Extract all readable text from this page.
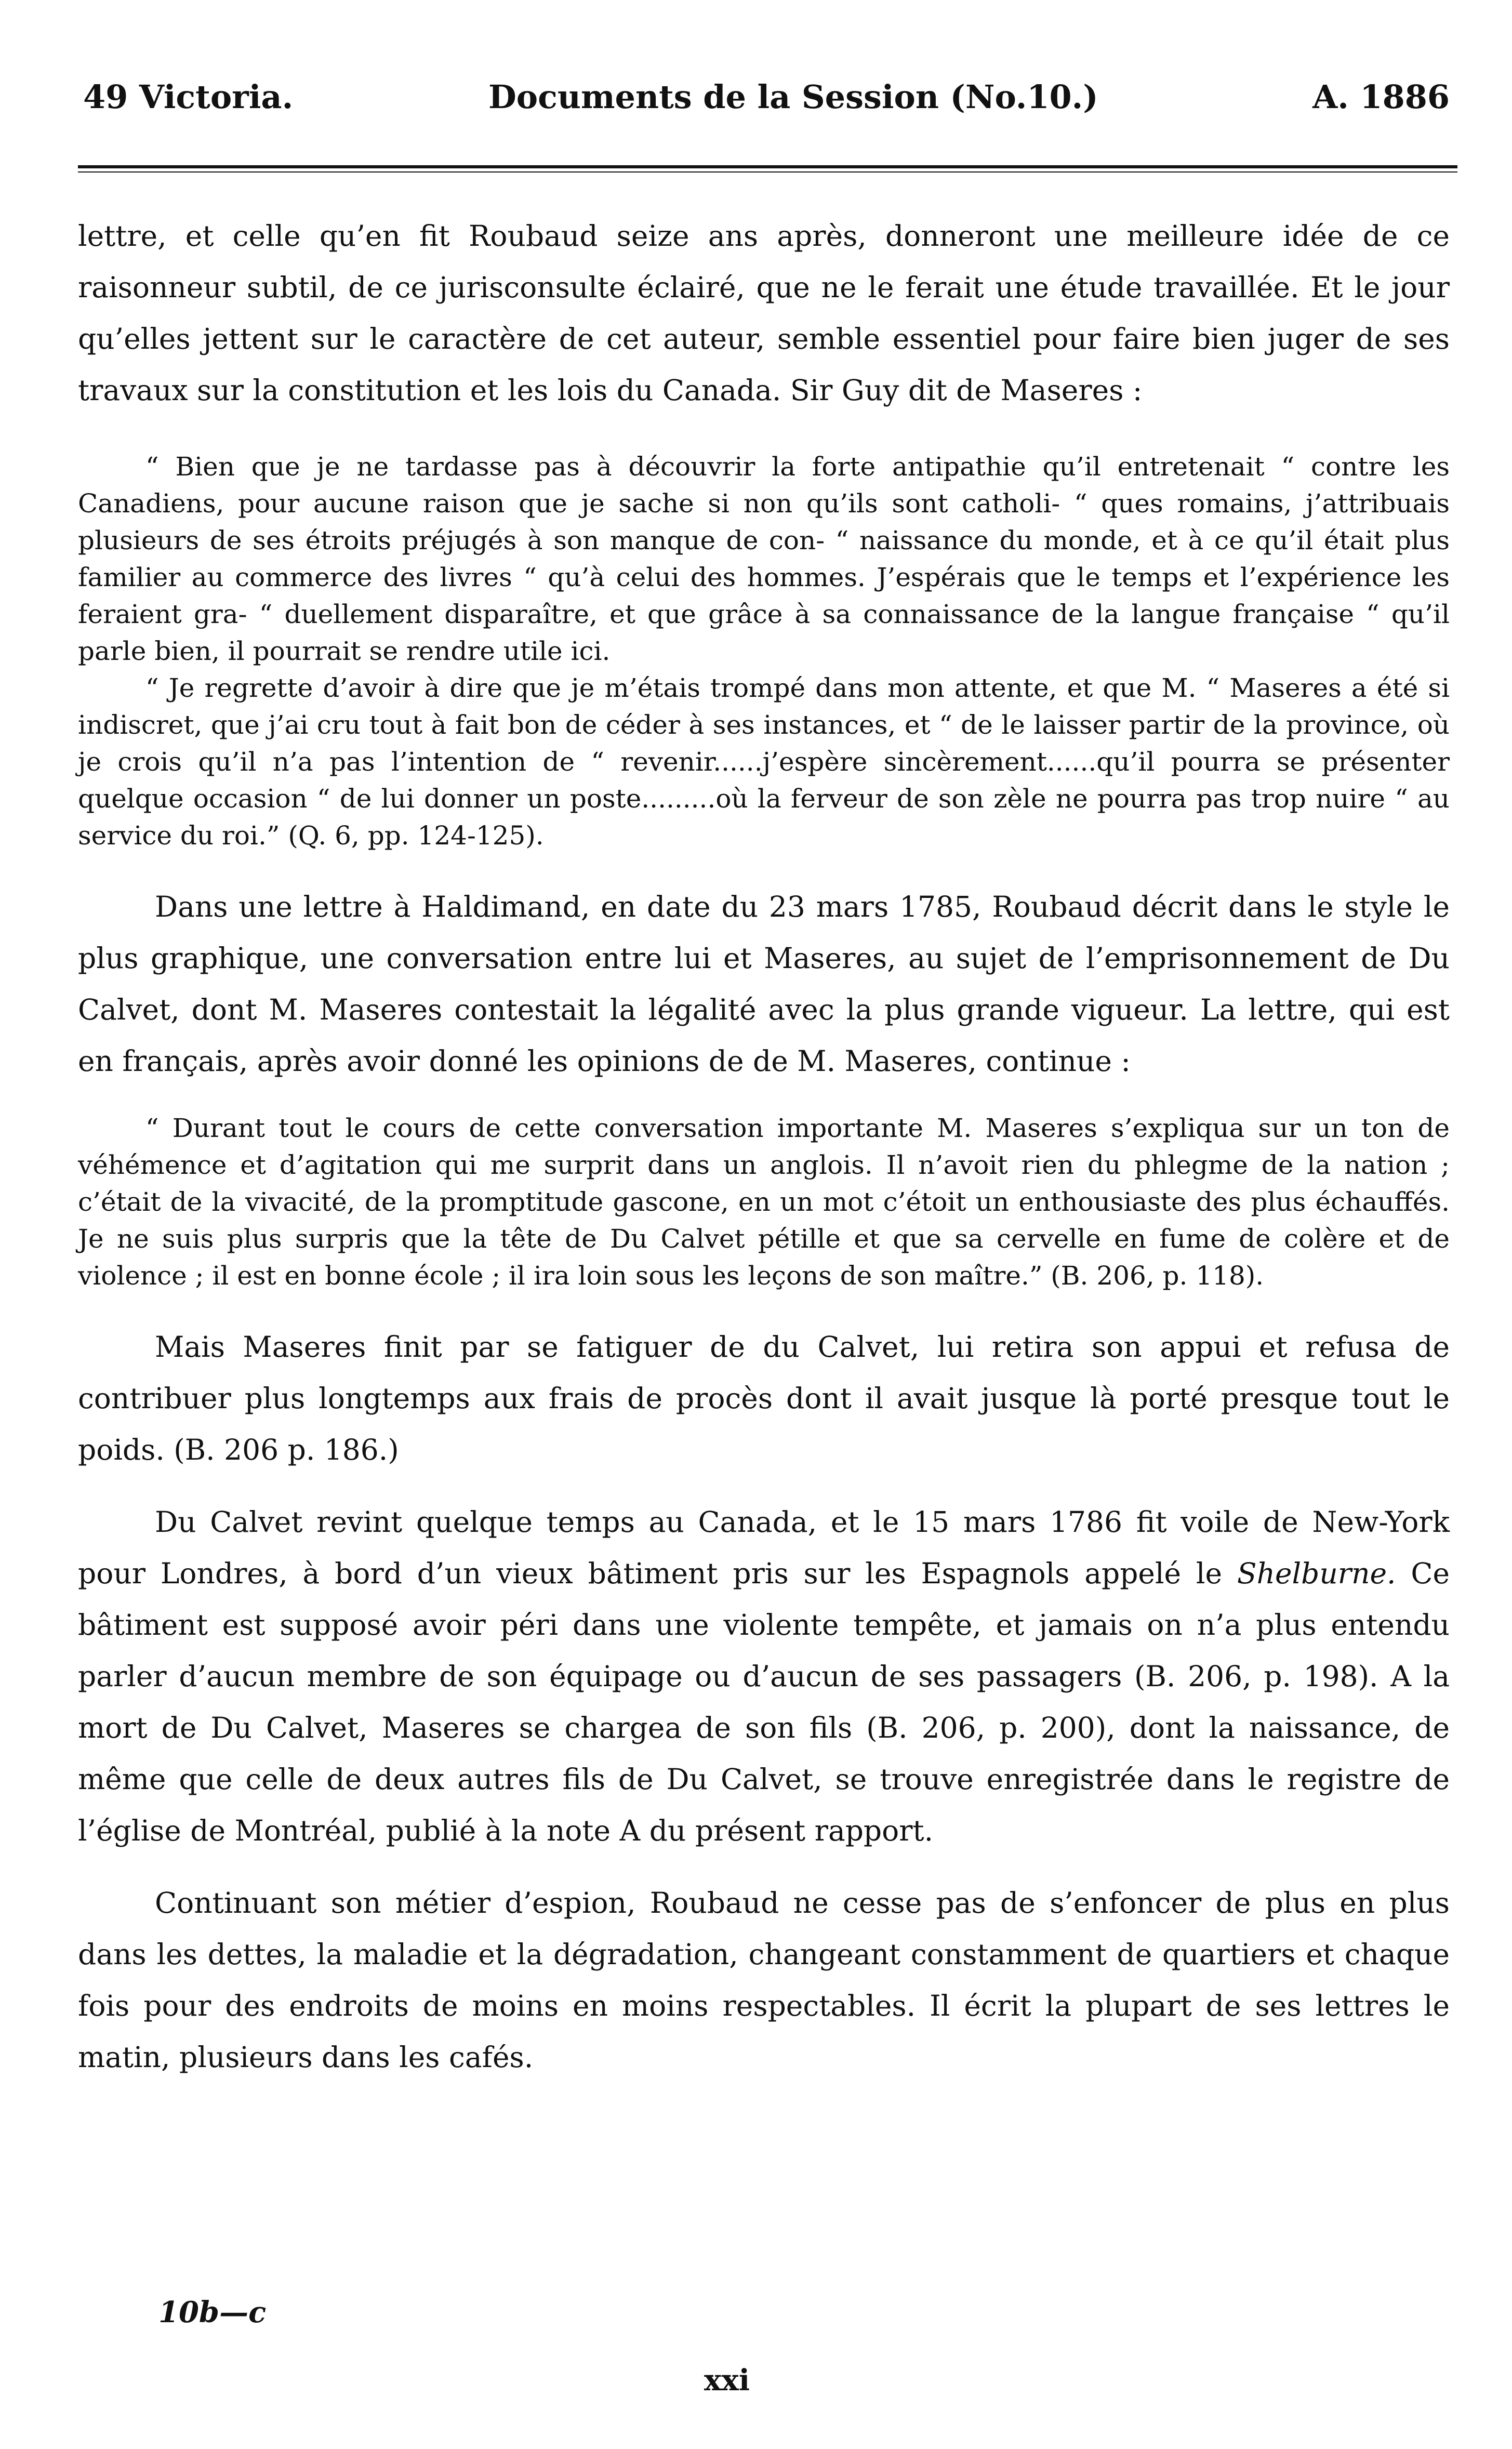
49 Victoria.	Documents de la Session (No.10.)	A. 1886

lettre, et celle qu’en fit Roubaud seize ans après, donneront une meilleure idée de ce raisonneur subtil, de ce jurisconsulte éclairé, que ne le ferait une étude travaillée. Et le jour qu’elles jettent sur le caractère de cet auteur, semble essentiel pour faire bien juger de ses travaux sur la constitution et les lois du Canada. Sir Guy dit de Maseres :

“ Bien que je ne tardasse pas à découvrir la forte antipathie qu’il entretenait “ contre les Canadiens, pour aucune raison que je sache si non qu’ils sont catholi- “ ques romains, j’attribuais plusieurs de ses étroits préjugés à son manque de con- “ naissance du monde, et à ce qu’il était plus familier au commerce des livres “ qu’à celui des hommes. J’espérais que le temps et l’expérience les feraient gra- “ duellement disparaître, et que grâce à sa connaissance de la langue française “ qu’il parle bien, il pourrait se rendre utile ici.

“ Je regrette d’avoir à dire que je m’étais trompé dans mon attente, et que M. “ Maseres a été si indiscret, que j’ai cru tout à fait bon de céder à ses instances, et “ de le laisser partir de la province, où je crois qu’il n’a pas l’intention de “ revenir......j’espère sincèrement......qu’il pourra se présenter quelque occasion “ de lui donner un poste.........où la ferveur de son zèle ne pourra pas trop nuire “ au service du roi.” (Q. 6, pp. 124-125).

Dans une lettre à Haldimand, en date du 23 mars 1785, Roubaud décrit dans le style le plus graphique, une conversation entre lui et Maseres, au sujet de l’emprisonnement de Du Calvet, dont M. Maseres contestait la légalité avec la plus grande vigueur. La lettre, qui est en français, après avoir donné les opinions de de M. Maseres, continue :

“ Durant tout le cours de cette conversation importante M. Maseres s’expliqua sur un ton de véhémence et d’agitation qui me surprit dans un anglois. Il n’avoit rien du phlegme de la nation ; c’était de la vivacité, de la promptitude gascone, en un mot c’étoit un enthousiaste des plus échauffés. Je ne suis plus surpris que la tête de Du Calvet pétille et que sa cervelle en fume de colère et de violence ; il est en bonne école ; il ira loin sous les leçons de son maître.” (B. 206, p. 118).

Mais Maseres finit par se fatiguer de du Calvet, lui retira son appui et refusa de contribuer plus longtemps aux frais de procès dont il avait jusque là porté presque tout le poids. (B. 206 p. 186.)

Du Calvet revint quelque temps au Canada, et le 15 mars 1786 fit voile de New-York pour Londres, à bord d’un vieux bâtiment pris sur les Espagnols appelé le Shelburne. Ce bâtiment est supposé avoir péri dans une violente tempête, et jamais on n’a plus entendu parler d’aucun membre de son équipage ou d’aucun de ses passagers (B. 206, p. 198). A la mort de Du Calvet, Maseres se chargea de son fils (B. 206, p. 200), dont la naissance, de même que celle de deux autres fils de Du Calvet, se trouve enregistrée dans le registre de l’église de Montréal, publié à la note A du présent rapport.

Continuant son métier d’espion, Roubaud ne cesse pas de s’enfoncer de plus en plus dans les dettes, la maladie et la dégradation, changeant constamment de quartiers et chaque fois pour des endroits de moins en moins respectables. Il écrit la plupart de ses lettres le matin, plusieurs dans les cafés.

10b—c
xxi
